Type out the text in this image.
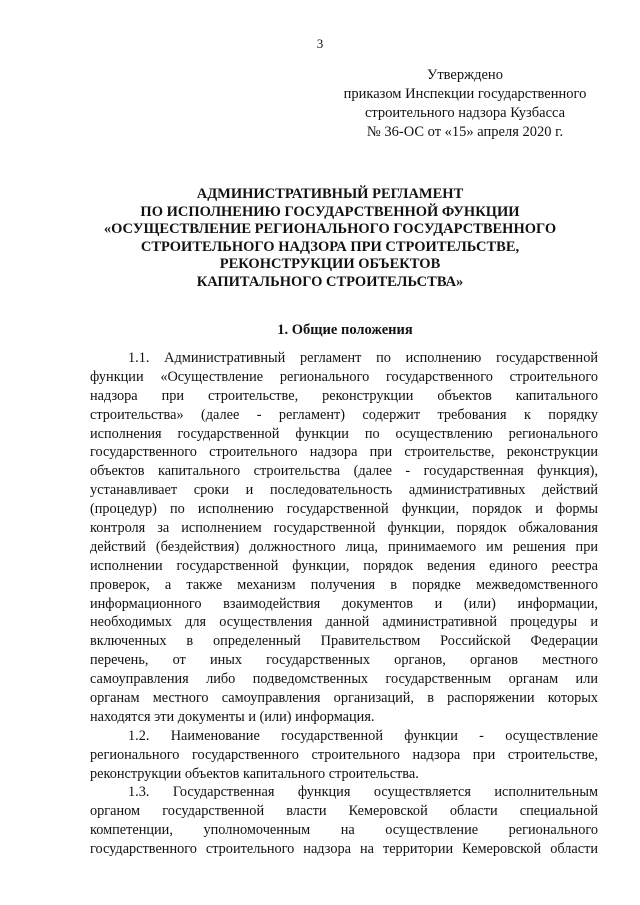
3
Утверждено
приказом Инспекции государственного
строительного надзора Кузбасса
№ 36-ОС от «15» апреля 2020 г.
АДМИНИСТРАТИВНЫЙ РЕГЛАМЕНТ
ПО ИСПОЛНЕНИЮ ГОСУДАРСТВЕННОЙ ФУНКЦИИ
«ОСУЩЕСТВЛЕНИЕ РЕГИОНАЛЬНОГО ГОСУДАРСТВЕННОГО
СТРОИТЕЛЬНОГО НАДЗОРА ПРИ СТРОИТЕЛЬСТВЕ,
РЕКОНСТРУКЦИИ ОБЪЕКТОВ
КАПИТАЛЬНОГО СТРОИТЕЛЬСТВА»
1. Общие положения
1.1. Административный регламент по исполнению государственной
функции «Осуществление регионального государственного строительного
надзора при строительстве, реконструкции объектов капитального
строительства» (далее - регламент) содержит требования к порядку
исполнения государственной функции по осуществлению регионального
государственного строительного надзора при строительстве, реконструкции
объектов капитального строительства (далее - государственная функция),
устанавливает сроки и последовательность административных действий
(процедур) по исполнению государственной функции, порядок и формы
контроля за исполнением государственной функции, порядок обжалования
действий (бездействия) должностного лица, принимаемого им решения при
исполнении государственной функции, порядок ведения единого реестра
проверок, а также механизм получения в порядке межведомственного
информационного взаимодействия документов и (или) информации,
необходимых для осуществления данной административной процедуры и
включенных в определенный Правительством Российской Федерации
перечень, от иных государственных органов, органов местного
самоуправления либо подведомственных государственным органам или
органам местного самоуправления организаций, в распоряжении которых
находятся эти документы и (или) информация.
1.2. Наименование государственной функции - осуществление
регионального государственного строительного надзора при строительстве,
реконструкции объектов капитального строительства.
1.3. Государственная функция осуществляется исполнительным
органом государственной власти Кемеровской области специальной
компетенции, уполномоченным на осуществление регионального
государственного строительного надзора на территории Кемеровской области
